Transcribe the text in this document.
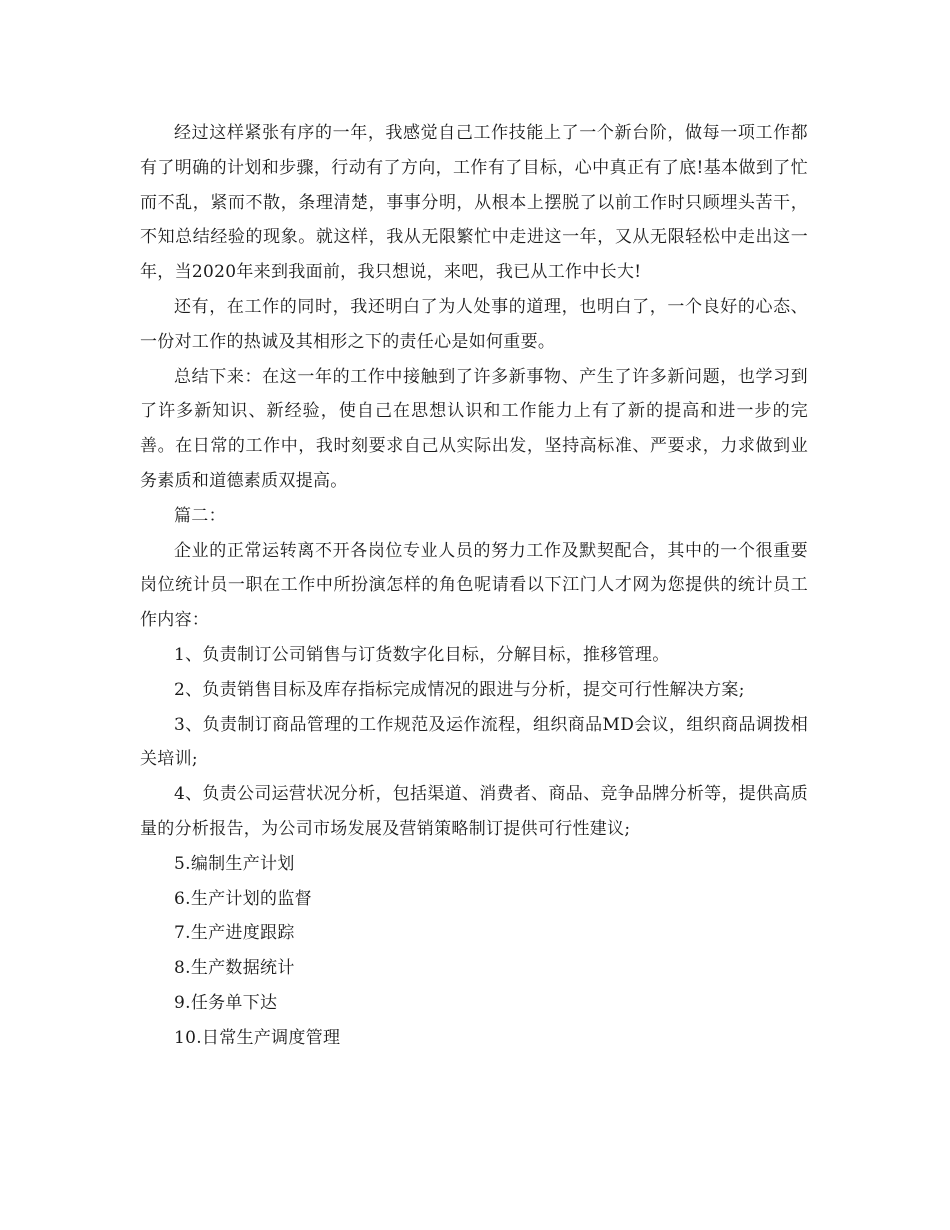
经过这样紧张有序的一年，我感觉自己工作技能上了一个新台阶，做每一项工作都有了明确的计划和步骤，行动有了方向，工作有了目标，心中真正有了底!基本做到了忙而不乱，紧而不散，条理清楚，事事分明，从根本上摆脱了以前工作时只顾埋头苦干，不知总结经验的现象。就这样，我从无限繁忙中走进这一年，又从无限轻松中走出这一年，当2020年来到我面前，我只想说，来吧，我已从工作中长大!

还有，在工作的同时，我还明白了为人处事的道理，也明白了，一个良好的心态、一份对工作的热诚及其相形之下的责任心是如何重要。

总结下来：在这一年的工作中接触到了许多新事物、产生了许多新问题，也学习到了许多新知识、新经验，使自己在思想认识和工作能力上有了新的提高和进一步的完善。在日常的工作中，我时刻要求自己从实际出发，坚持高标准、严要求，力求做到业务素质和道德素质双提高。

篇二：

企业的正常运转离不开各岗位专业人员的努力工作及默契配合，其中的一个很重要岗位统计员一职在工作中所扮演怎样的角色呢请看以下江门人才网为您提供的统计员工作内容：

1、负责制订公司销售与订货数字化目标，分解目标，推移管理。

2、负责销售目标及库存指标完成情况的跟进与分析，提交可行性解决方案;

3、负责制订商品管理的工作规范及运作流程，组织商品MD会议，组织商品调拨相关培训;

4、负责公司运营状况分析，包括渠道、消费者、商品、竞争品牌分析等，提供高质量的分析报告，为公司市场发展及营销策略制订提供可行性建议;

5.编制生产计划

6.生产计划的监督

7.生产进度跟踪

8.生产数据统计

9.任务单下达

10.日常生产调度管理
